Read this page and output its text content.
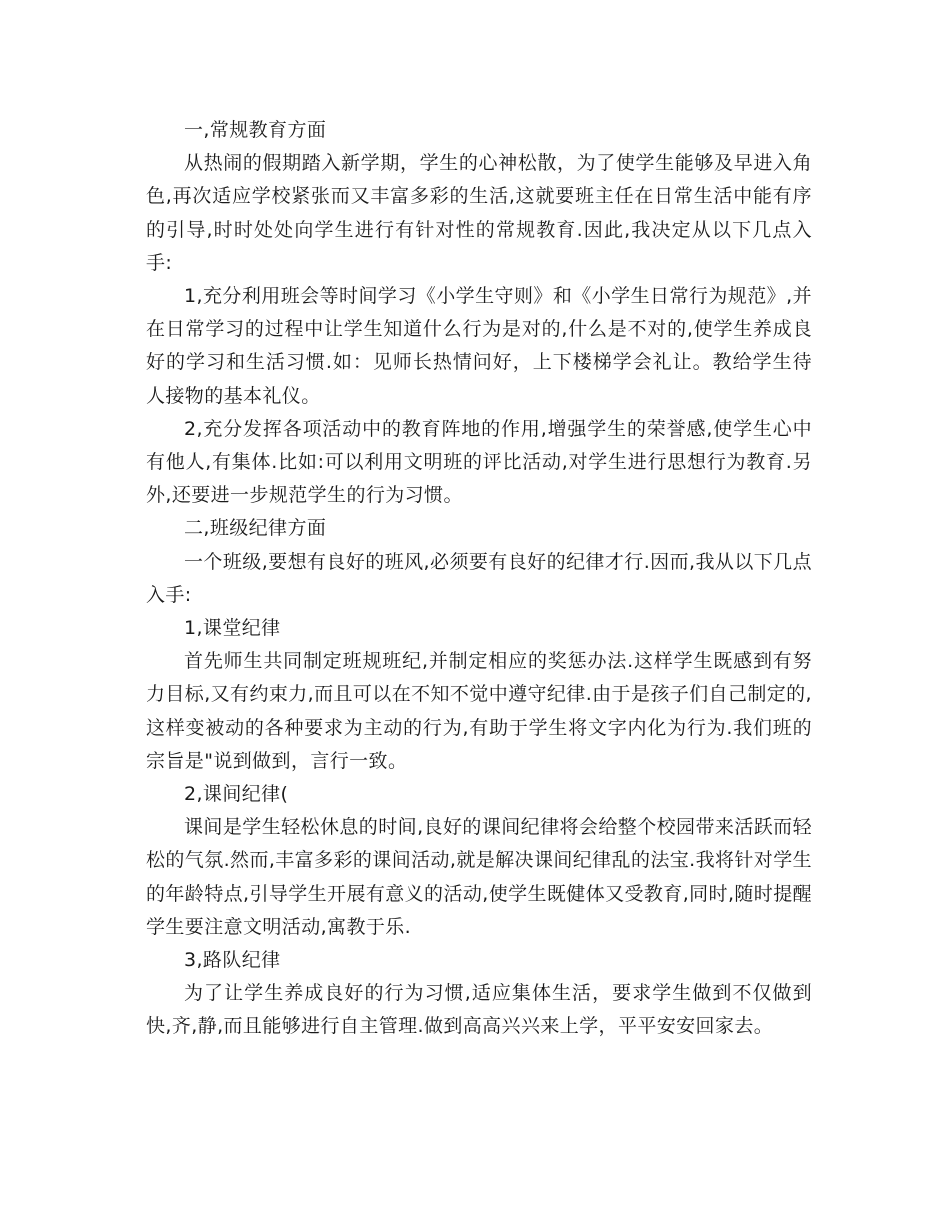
一,常规教育方面

从热闹的假期踏入新学期，学生的心神松散，为了使学生能够及早进入角色,再次适应学校紧张而又丰富多彩的生活,这就要班主任在日常生活中能有序的引导,时时处处向学生进行有针对性的常规教育.因此,我决定从以下几点入手:

1,充分利用班会等时间学习《小学生守则》和《小学生日常行为规范》,并在日常学习的过程中让学生知道什么行为是对的,什么是不对的,使学生养成良好的学习和生活习惯.如：见师长热情问好，上下楼梯学会礼让。教给学生待人接物的基本礼仪。

2,充分发挥各项活动中的教育阵地的作用,增强学生的荣誉感,使学生心中有他人,有集体.比如:可以利用文明班的评比活动,对学生进行思想行为教育.另外,还要进一步规范学生的行为习惯。

二,班级纪律方面

一个班级,要想有良好的班风,必须要有良好的纪律才行.因而,我从以下几点入手:

1,课堂纪律

首先师生共同制定班规班纪,并制定相应的奖惩办法.这样学生既感到有努力目标,又有约束力,而且可以在不知不觉中遵守纪律.由于是孩子们自己制定的,这样变被动的各种要求为主动的行为,有助于学生将文字内化为行为.我们班的宗旨是"说到做到，言行一致。

2,课间纪律(

课间是学生轻松休息的时间,良好的课间纪律将会给整个校园带来活跃而轻松的气氛.然而,丰富多彩的课间活动,就是解决课间纪律乱的法宝.我将针对学生的年龄特点,引导学生开展有意义的活动,使学生既健体又受教育,同时,随时提醒学生要注意文明活动,寓教于乐.

3,路队纪律

为了让学生养成良好的行为习惯,适应集体生活，要求学生做到不仅做到快,齐,静,而且能够进行自主管理.做到高高兴兴来上学，平平安安回家去。
